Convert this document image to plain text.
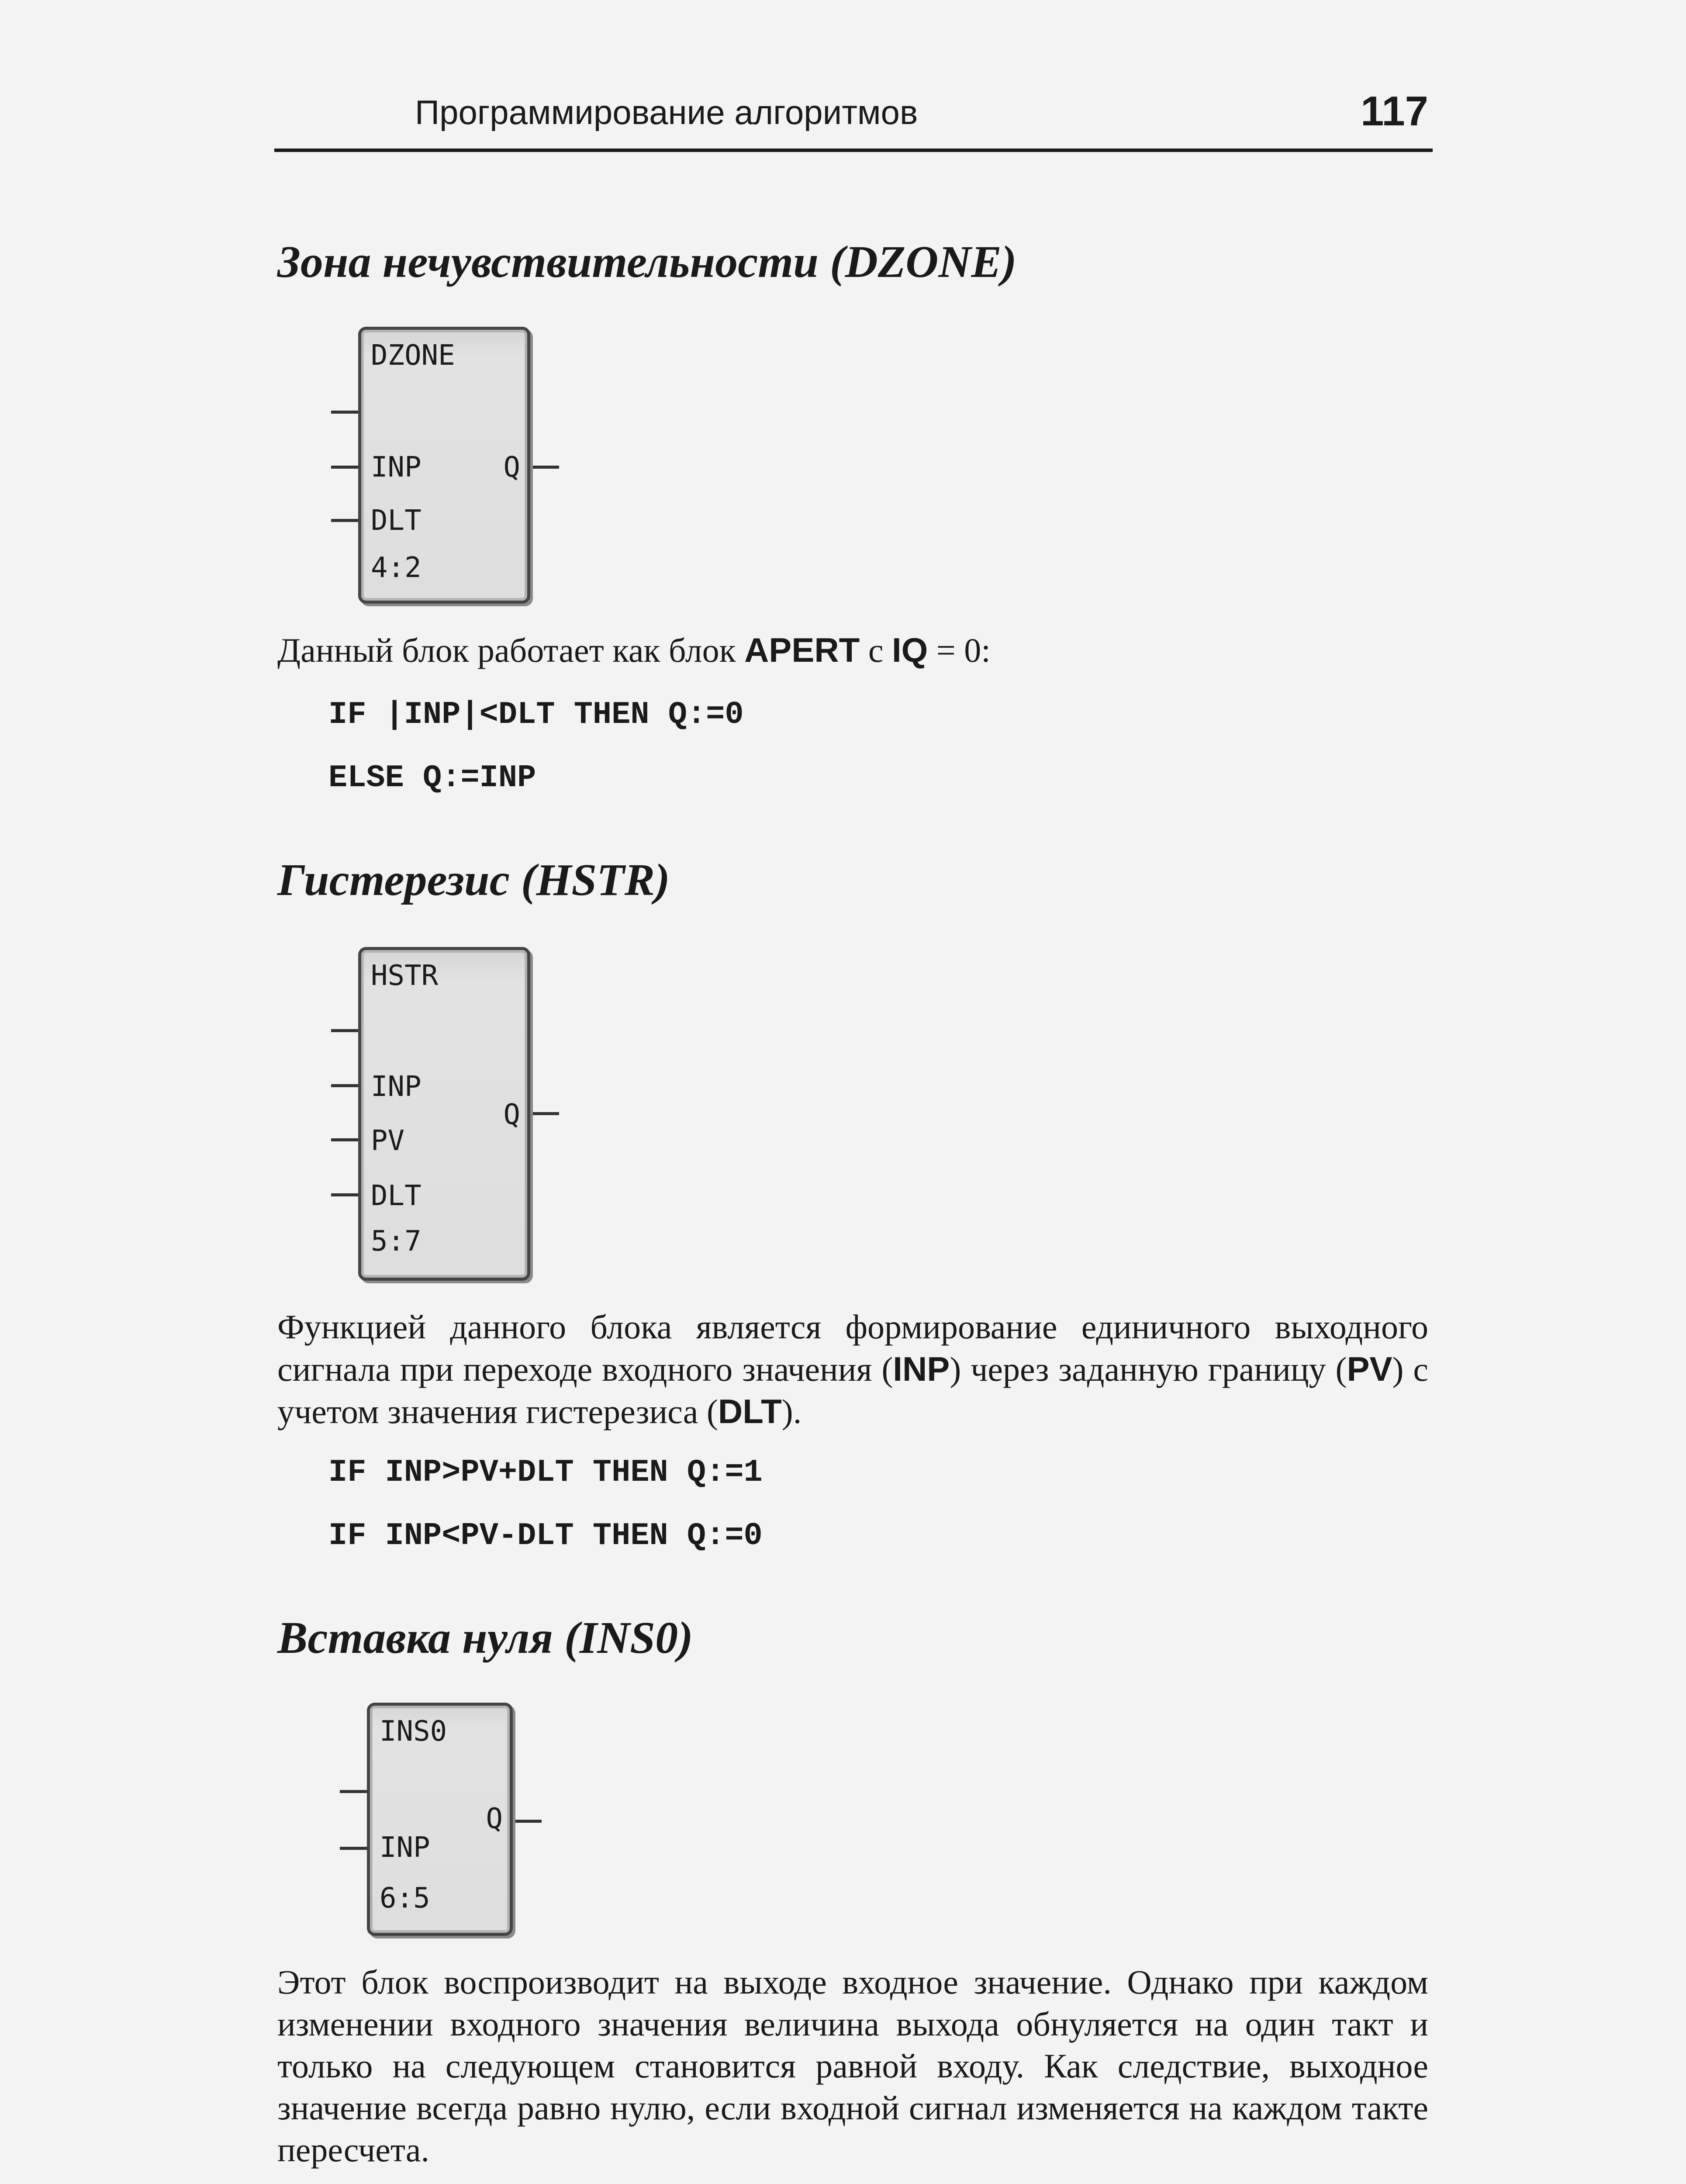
Программирование алгоритмов	117
Зона нечувствительности (DZONE)
DZONE
INP
DLT
Q
4:2
Данный блок работает как блок APERT с IQ = 0:
IF |INP|<DLT THEN Q:=0
ELSE Q:=INP
Гистерезис (HSTR)
HSTR
INP
PV
DLT
Q
5:7
Функцией данного блока является формирование единичного выходного сигнала при переходе входного значения (INP) через заданную границу (PV) с учетом значения гистерезиса (DLT).
IF INP>PV+DLT THEN Q:=1
IF INP<PV-DLT THEN Q:=0
Вставка нуля (INS0)
INS0
INP
Q
6:5
Этот блок воспроизводит на выходе входное значение. Однако при каждом изменении входного значения величина выхода обнуляется на один такт и только на следующем становится равной входу. Как следствие, выходное значение всегда равно нулю, если входной сигнал изменяется на каждом такте пересчета.
